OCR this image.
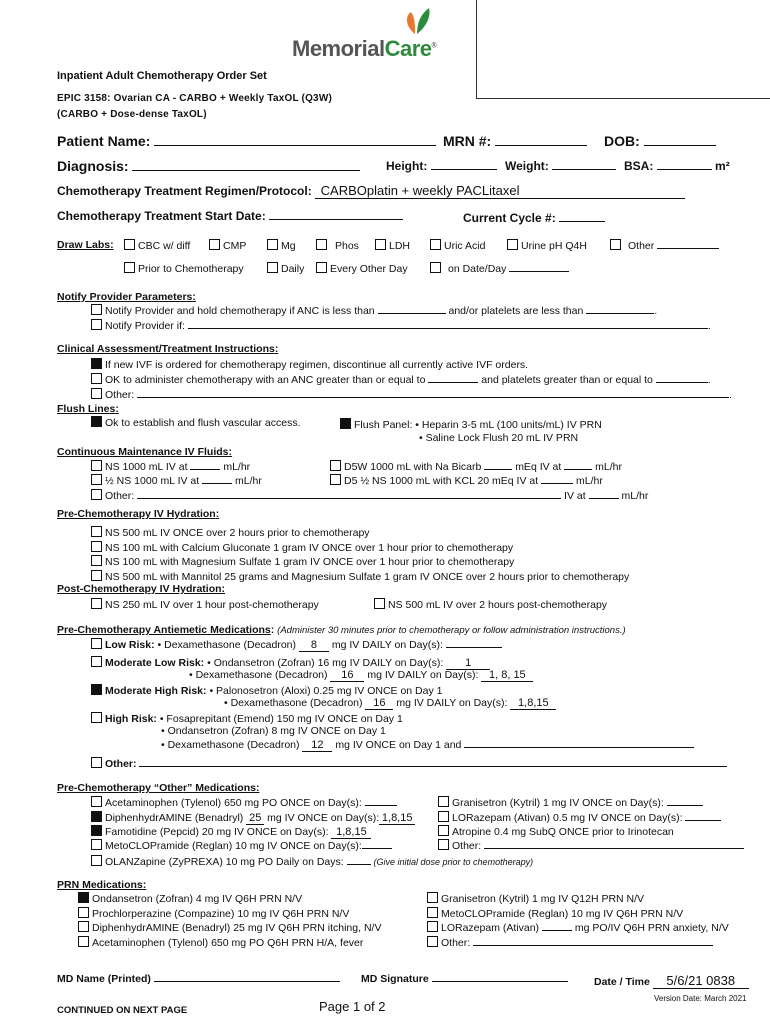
MemorialCare®
Inpatient Adult Chemotherapy Order Set
EPIC 3158: Ovarian CA - CARBO + Weekly TaxOL (Q3W)
(CARBO + Dose-dense TaxOL)
Patient Name:	MRN #:	DOB:
Diagnosis:	Height:	Weight:	BSA:	m²
Chemotherapy Treatment Regimen/Protocol: CARBOplatin + weekly PACLitaxel
Chemotherapy Treatment Start Date:	Current Cycle #:
Draw Labs:	CBC w/ diff	CMP	Mg	Phos	LDH	Uric Acid	Urine pH Q4H	Other
Prior to Chemotherapy	Daily	Every Other Day	on Date/Day
Notify Provider Parameters:
Notify Provider and hold chemotherapy if ANC is less than	and/or platelets are less than	.
Notify Provider if:	.
Clinical Assessment/Treatment Instructions:
If new IVF is ordered for chemotherapy regimen, discontinue all currently active IVF orders.
OK to administer chemotherapy with an ANC greater than or equal to	and platelets greater than or equal to	.
Other:	.
Flush Lines:
Ok to establish and flush vascular access.	Flush Panel: • Heparin 3-5 mL (100 units/mL) IV PRN
• Saline Lock Flush 20 mL IV PRN
Continuous Maintenance IV Fluids:
NS 1000 mL IV at	mL/hr
½ NS 1000 mL IV at	mL/hr
Other:	IV at	mL/hr
D5W 1000 mL with Na Bicarb	mEq IV at	mL/hr
D5 ½ NS 1000 mL with KCL 20 mEq IV at	mL/hr
Pre-Chemotherapy IV Hydration:
NS 500 mL IV ONCE over 2 hours prior to chemotherapy
NS 100 mL with Calcium Gluconate 1 gram IV ONCE over 1 hour prior to chemotherapy
NS 100 mL with Magnesium Sulfate 1 gram IV ONCE over 1 hour prior to chemotherapy
NS 500 mL with Mannitol 25 grams and Magnesium Sulfate 1 gram IV ONCE over 2 hours prior to chemotherapy
Post-Chemotherapy IV Hydration:
NS 250 mL IV over 1 hour post-chemotherapy	NS 500 mL IV over 2 hours post-chemotherapy
Pre-Chemotherapy Antiemetic Medications: (Administer 30 minutes prior to chemotherapy or follow administration instructions.)
Low Risk: • Dexamethasone (Decadron) 8 mg IV DAILY on Day(s):
Moderate Low Risk: • Ondansetron (Zofran) 16 mg IV DAILY on Day(s): 1
• Dexamethasone (Decadron) 16 mg IV DAILY on Day(s): 1, 8, 15
Moderate High Risk: • Palonosetron (Aloxi) 0.25 mg IV ONCE on Day 1
• Dexamethasone (Decadron) 16 mg IV DAILY on Day(s): 1,8,15
High Risk: • Fosaprepitant (Emend) 150 mg IV ONCE on Day 1
• Ondansetron (Zofran) 8 mg IV ONCE on Day 1
• Dexamethasone (Decadron) 12 mg IV ONCE on Day 1 and
Other:
Pre-Chemotherapy “Other” Medications:
Acetaminophen (Tylenol) 650 mg PO ONCE on Day(s):
DiphenhydrAMINE (Benadryl) 25 mg IV ONCE on Day(s): 1,8,15
Famotidine (Pepcid) 20 mg IV ONCE on Day(s): 1,8,15
MetoCLOPramide (Reglan) 10 mg IV ONCE on Day(s):
OLANZapine (ZyPREXA) 10 mg PO Daily on Days:	(Give initial dose prior to chemotherapy)
Granisetron (Kytril) 1 mg IV ONCE on Day(s):
LORazepam (Ativan) 0.5 mg IV ONCE on Day(s):
Atropine 0.4 mg SubQ ONCE prior to Irinotecan
Other:
PRN Medications:
Ondansetron (Zofran) 4 mg IV Q6H PRN N/V
Prochlorperazine (Compazine) 10 mg IV Q6H PRN N/V
DiphenhydrAMINE (Benadryl) 25 mg IV Q6H PRN itching, N/V
Acetaminophen (Tylenol) 650 mg PO Q6H PRN H/A, fever
Granisetron (Kytril) 1 mg IV Q12H PRN N/V
MetoCLOPramide (Reglan) 10 mg IV Q6H PRN N/V
LORazepam (Ativan)	mg PO/IV Q6H PRN anxiety, N/V
Other:
MD Name (Printed)	MD Signature	Date / Time 5/6/21 0838
Version Date: March 2021
CONTINUED ON NEXT PAGE	Page 1 of 2
